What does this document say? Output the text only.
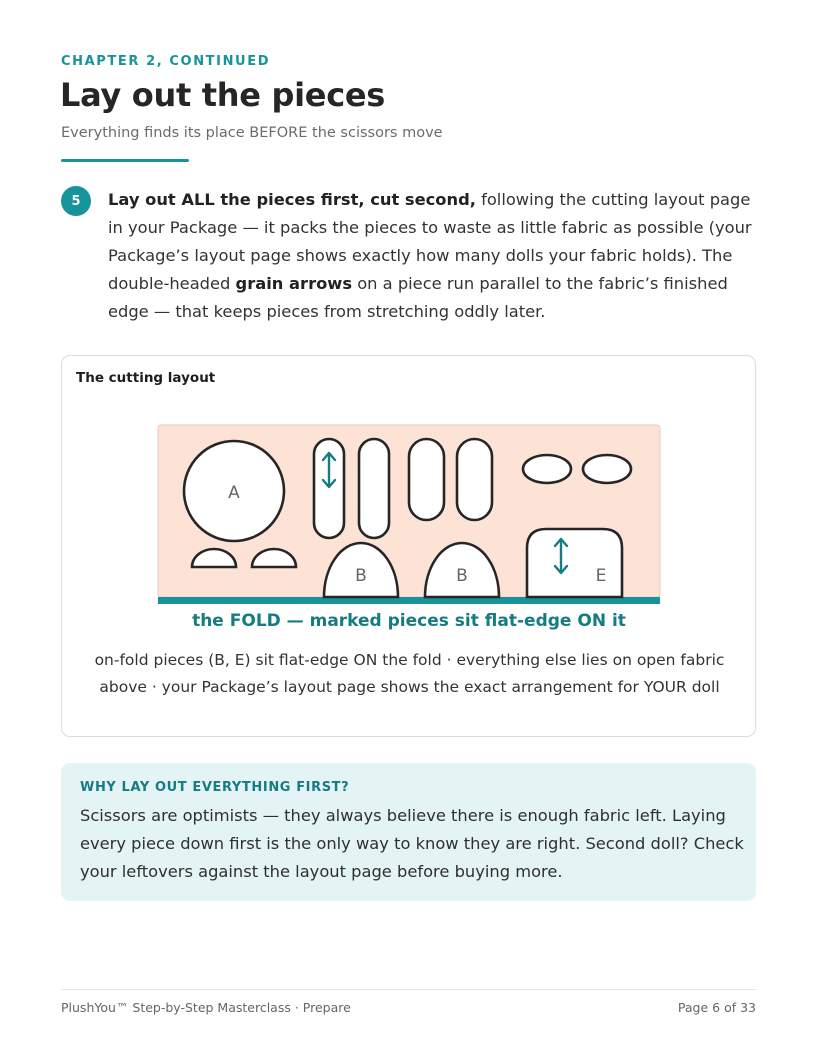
CHAPTER 2, CONTINUED
Lay out the pieces
Everything finds its place BEFORE the scissors move
5	Lay out ALL the pieces first, cut second, following the cutting layout page in your Package — it packs the pieces to waste as little fabric as possible (your Package’s layout page shows exactly how many dolls your fabric holds). The double-headed grain arrows on a piece run parallel to the fabric’s finished edge — that keeps pieces from stretching oddly later.

The cutting layout
A
B	B	E
the FOLD — marked pieces sit flat-edge ON it

on-fold pieces (B, E) sit flat-edge ON the fold · everything else lies on open fabric above · your Package’s layout page shows the exact arrangement for YOUR doll

WHY LAY OUT EVERYTHING FIRST?

Scissors are optimists — they always believe there is enough fabric left. Laying every piece down first is the only way to know they are right. Second doll? Check your leftovers against the layout page before buying more.

PlushYou™ Step-by-Step Masterclass · Prepare	Page 6 of 33
